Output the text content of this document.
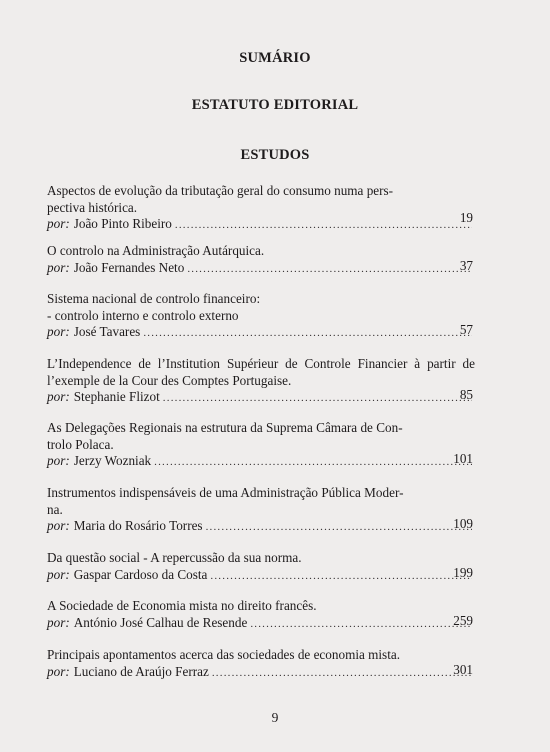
SUMÁRIO
ESTATUTO EDITORIAL
ESTUDOS
Aspectos de evolução da tributação geral do consumo numa pers-
pectiva histórica.
por: João Pinto Ribeiro .....	19
O controlo na Administração Autárquica.
por: João Fernandes Neto .....	37
Sistema nacional de controlo financeiro:
- controlo interno e controlo externo
por: José Tavares .....	57
L’Independence de l’Institution Supérieur de Controle Financier à partir de l’exemple de la Cour des Comptes Portugaise.
por: Stephanie Flizot .....	85
As Delegações Regionais na estrutura da Suprema Câmara de Con-
trolo Polaca.
por: Jerzy Wozniak .....	101
Instrumentos indispensáveis de uma Administração Pública Moder-
na.
por: Maria do Rosário Torres .....	109
Da questão social - A repercussão da sua norma.
por: Gaspar Cardoso da Costa .....	199
A Sociedade de Economia mista no direito francês.
por: António José Calhau de Resende .....	259
Principais apontamentos acerca das sociedades de economia mista.
por: Luciano de Araújo Ferraz .....	301
9
